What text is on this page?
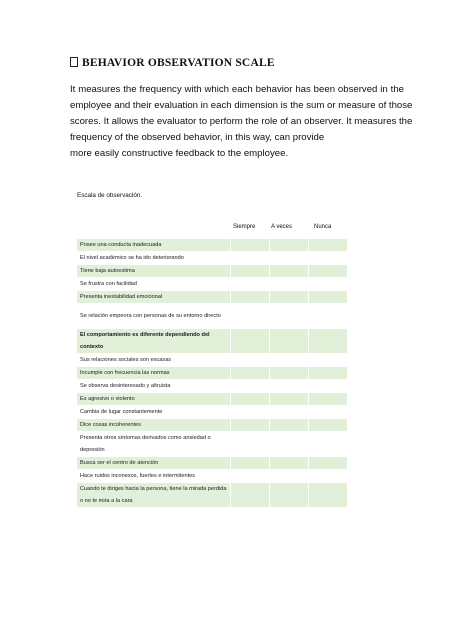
BEHAVIOR OBSERVATION SCALE
It measures the frequency with which each behavior has been observed in the
employee and their evaluation in each dimension is the sum or measure of those
scores. It allows the evaluator to perform the role of an observer. It measures the
frequency of the observed behavior, in this way, can provide
more easily constructive feedback to the employee.
Escala de observación.
Siempre	A veces	Nunca
Posee una conducta inadecuada			
El nivel académico se ha ido deteriorando			
Tiene baja autoestima			
Se frustra con facilidad			
Presenta inestabilidad emocional			
Se relación empeora con personas de su entorno directo			
El comportamiento es diferente dependiendo del contexto			
Sus relaciones sociales son escasas			
Incumple con frecuencia las normas			
Se observa desinteresado y altruista			
Es agresivo o violento			
Cambia de lugar constantemente			
Dice cosas incoherentes			
Presenta otros síntomas derivados como ansiedad o depresión			
Busca ser el centro de atención			
Hace ruidos inconexos, fuertes e intermitentes			
Cuando te diriges hacia la persona, tiene la mirada perdida o no te mira a la cara			
